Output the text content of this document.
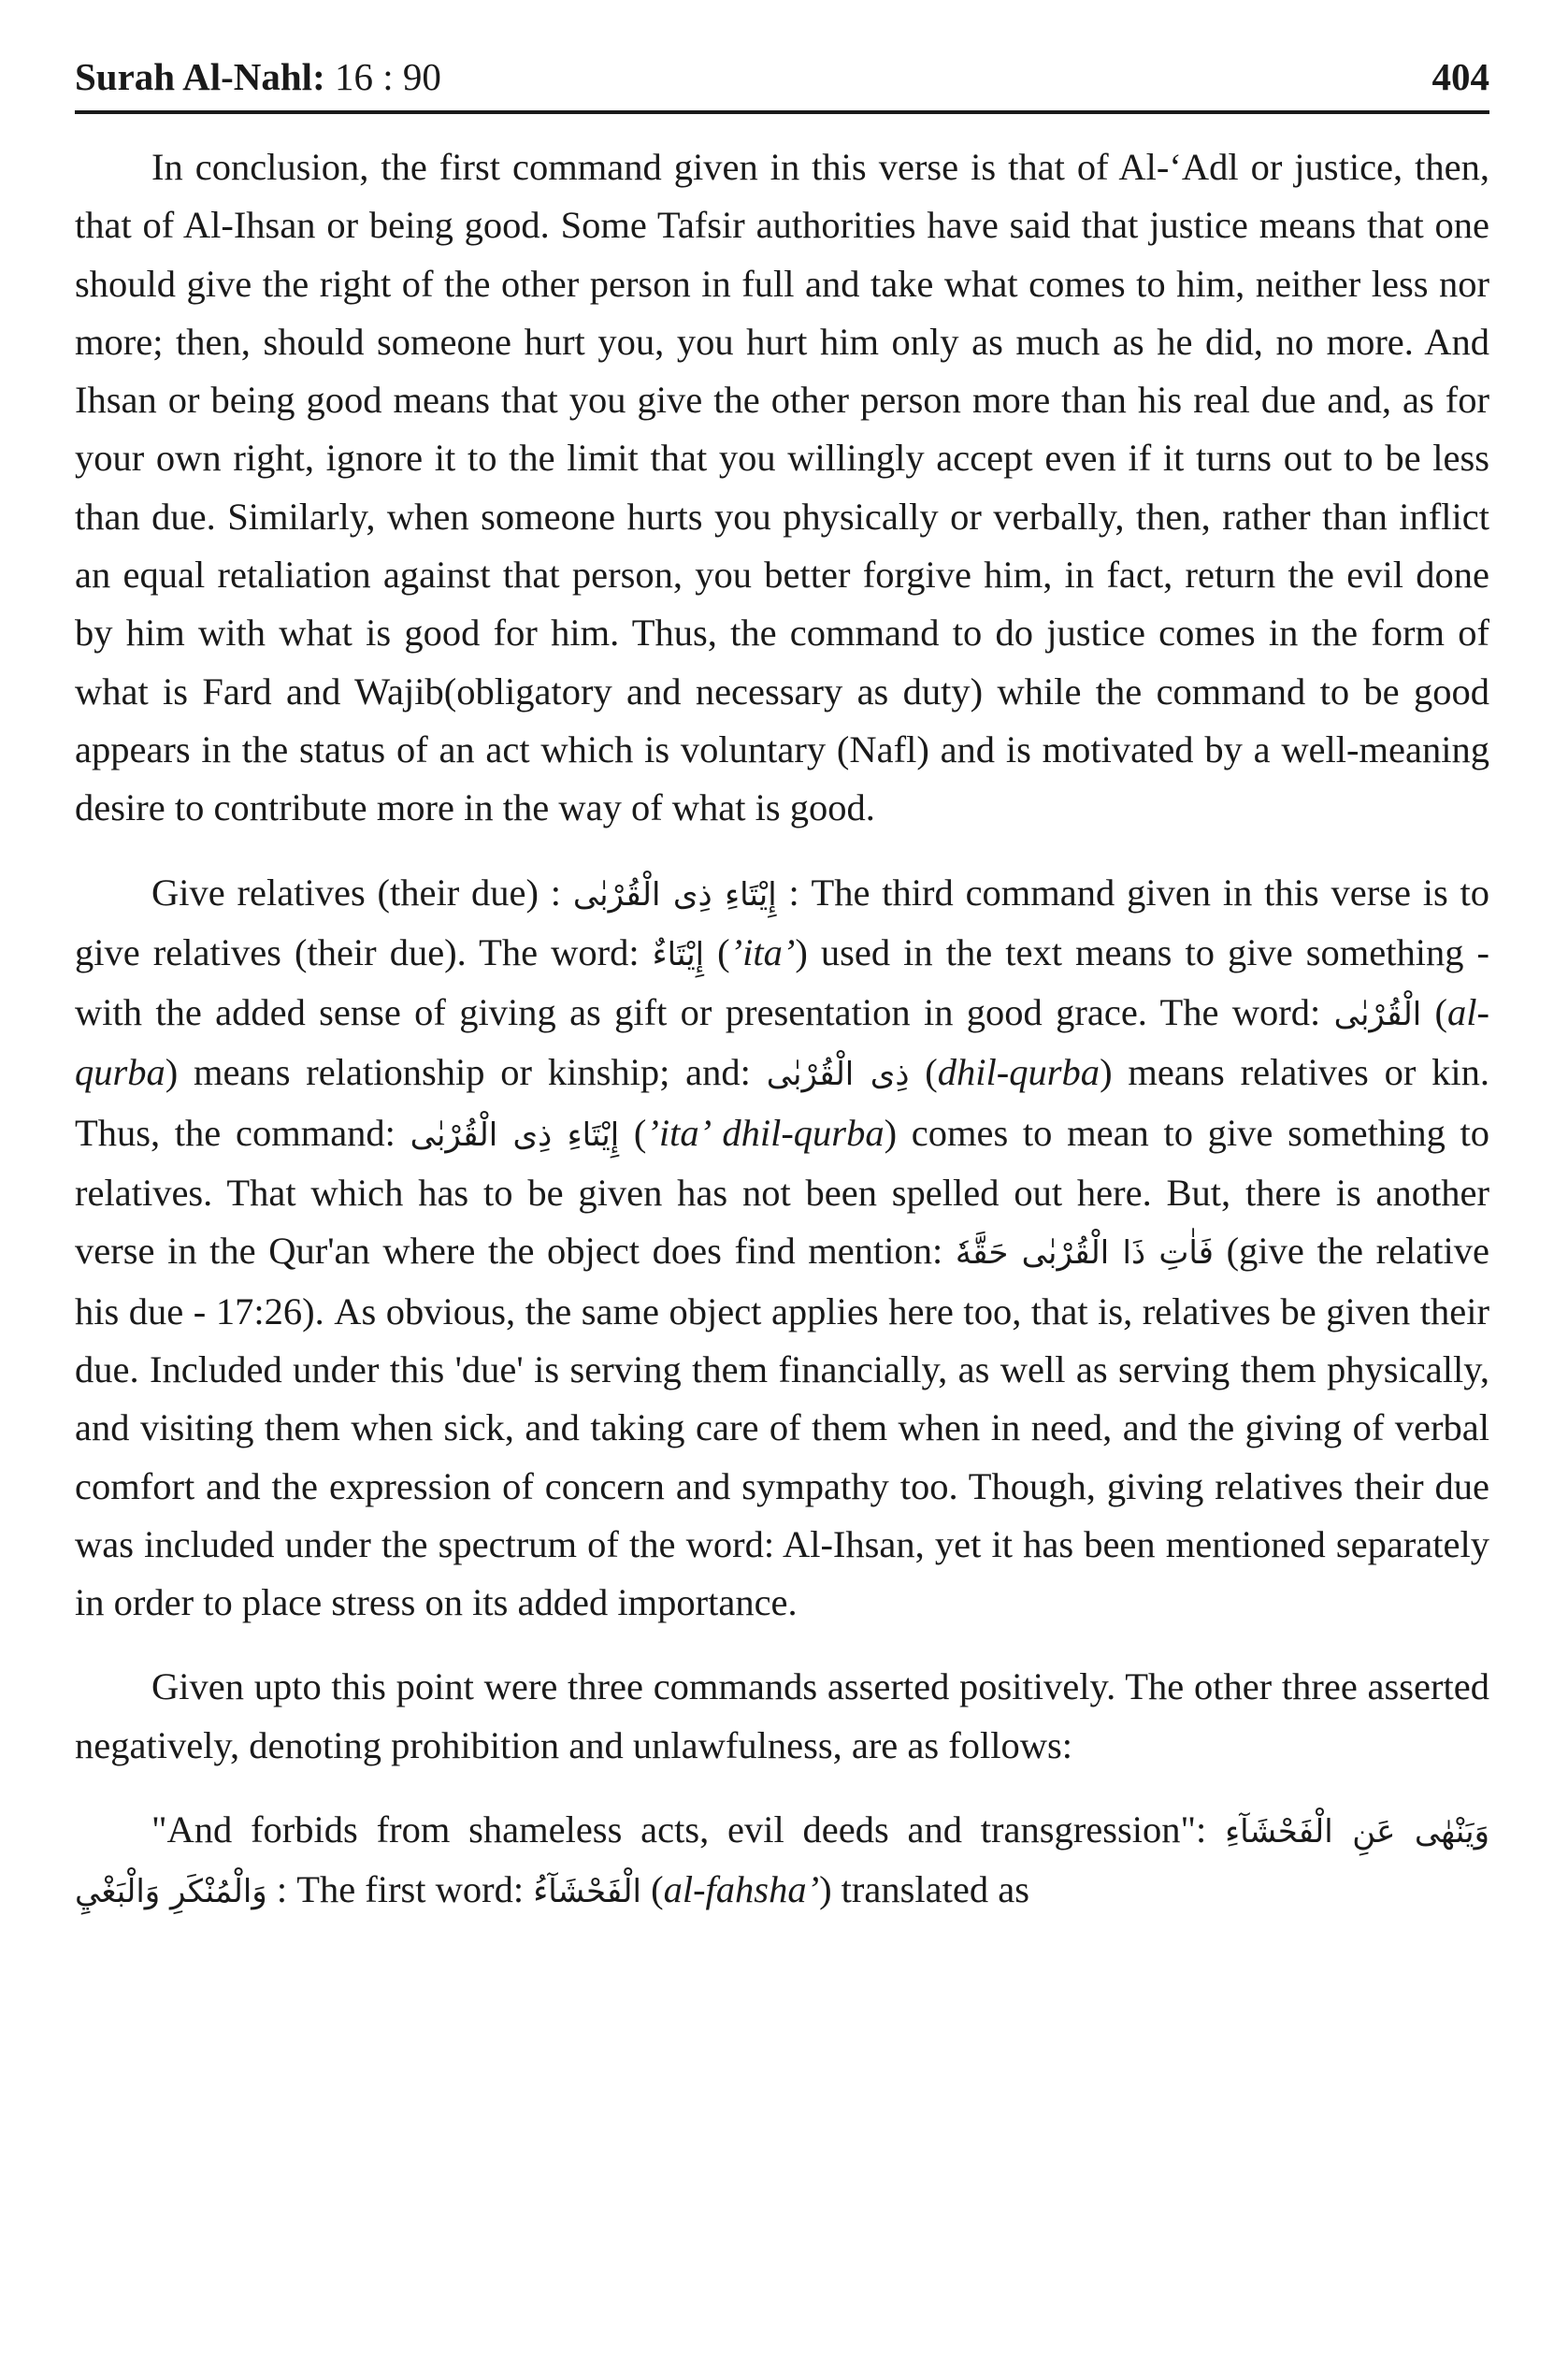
Surah Al-Nahl: 16 : 90	404

In conclusion, the first command given in this verse is that of Al-‘Adl or justice, then, that of Al-Ihsan or being good. Some Tafsir authorities have said that justice means that one should give the right of the other person in full and take what comes to him, neither less nor more; then, should someone hurt you, you hurt him only as much as he did, no more. And Ihsan or being good means that you give the other person more than his real due and, as for your own right, ignore it to the limit that you willingly accept even if it turns out to be less than due. Similarly, when someone hurts you physically or verbally, then, rather than inflict an equal retaliation against that person, you better forgive him, in fact, return the evil done by him with what is good for him. Thus, the command to do justice comes in the form of what is Fard and Wajib(obligatory and necessary as duty) while the command to be good appears in the status of an act which is voluntary (Nafl) and is motivated by a well-meaning desire to contribute more in the way of what is good.

Give relatives (their due) : إِيْتَاءِ ذِى الْقُرْبٰى : The third command given in this verse is to give relatives (their due). The word: إِيْتَاءٌ (’ita’) used in the text means to give something - with the added sense of giving as gift or presentation in good grace. The word: الْقُرْبٰى (al-qurba) means relationship or kinship; and: ذِى الْقُرْبٰى (dhil-qurba) means relatives or kin. Thus, the command: إِيْتَاءِ ذِى الْقُرْبٰى (’ita’ dhil-qurba) comes to mean to give something to relatives. That which has to be given has not been spelled out here. But, there is another verse in the Qur'an where the object does find mention: فَاٰتِ ذَا الْقُرْبٰى حَقَّهٗ (give the relative his due - 17:26). As obvious, the same object applies here too, that is, relatives be given their due. Included under this 'due' is serving them financially, as well as serving them physically, and visiting them when sick, and taking care of them when in need, and the giving of verbal comfort and the expression of concern and sympathy too. Though, giving relatives their due was included under the spectrum of the word: Al-Ihsan, yet it has been mentioned separately in order to place stress on its added importance.

Given upto this point were three commands asserted positively. The other three asserted negatively, denoting prohibition and unlawfulness, are as follows:

"And forbids from shameless acts, evil deeds and transgression": وَيَنْهٰى عَنِ الْفَحْشَآءِ وَالْمُنْكَرِ وَالْبَغْيِ : The first word: الْفَحْشَآءُ (al-fahsha’) translated as
